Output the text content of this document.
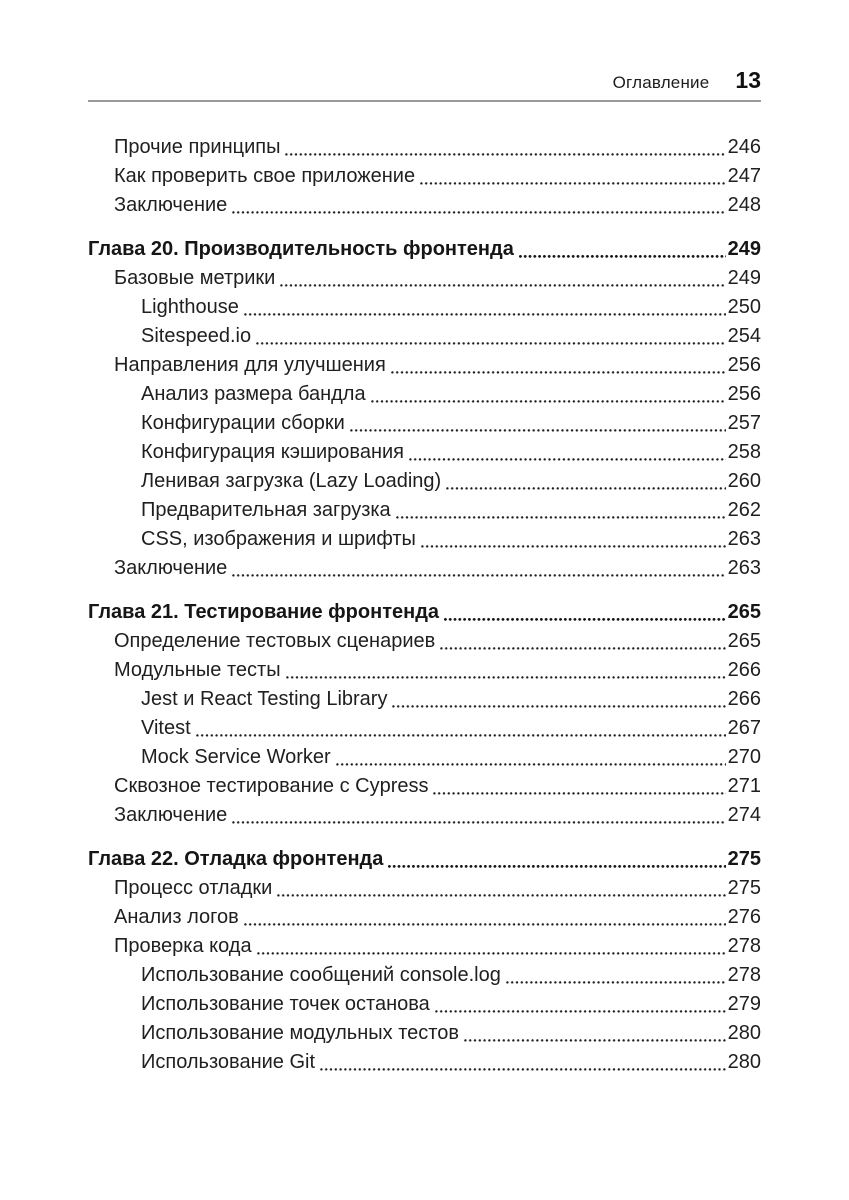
Оглавление 13
Прочие принципы	246
Как проверить свое приложение	247
Заключение	248
Глава 20. Производительность фронтенда	249
Базовые метрики	249
Lighthouse	250
Sitespeed.io	254
Направления для улучшения	256
Анализ размера бандла	256
Конфигурации сборки	257
Конфигурация кэширования	258
Ленивая загрузка (Lazy Loading)	260
Предварительная загрузка	262
CSS, изображения и шрифты	263
Заключение	263
Глава 21. Тестирование фронтенда	265
Определение тестовых сценариев	265
Модульные тесты	266
Jest и React Testing Library	266
Vitest	267
Mock Service Worker	270
Сквозное тестирование с Cypress	271
Заключение	274
Глава 22. Отладка фронтенда	275
Процесс отладки	275
Анализ логов	276
Проверка кода	278
Использование сообщений console.log	278
Использование точек останова	279
Использование модульных тестов	280
Использование Git	280
